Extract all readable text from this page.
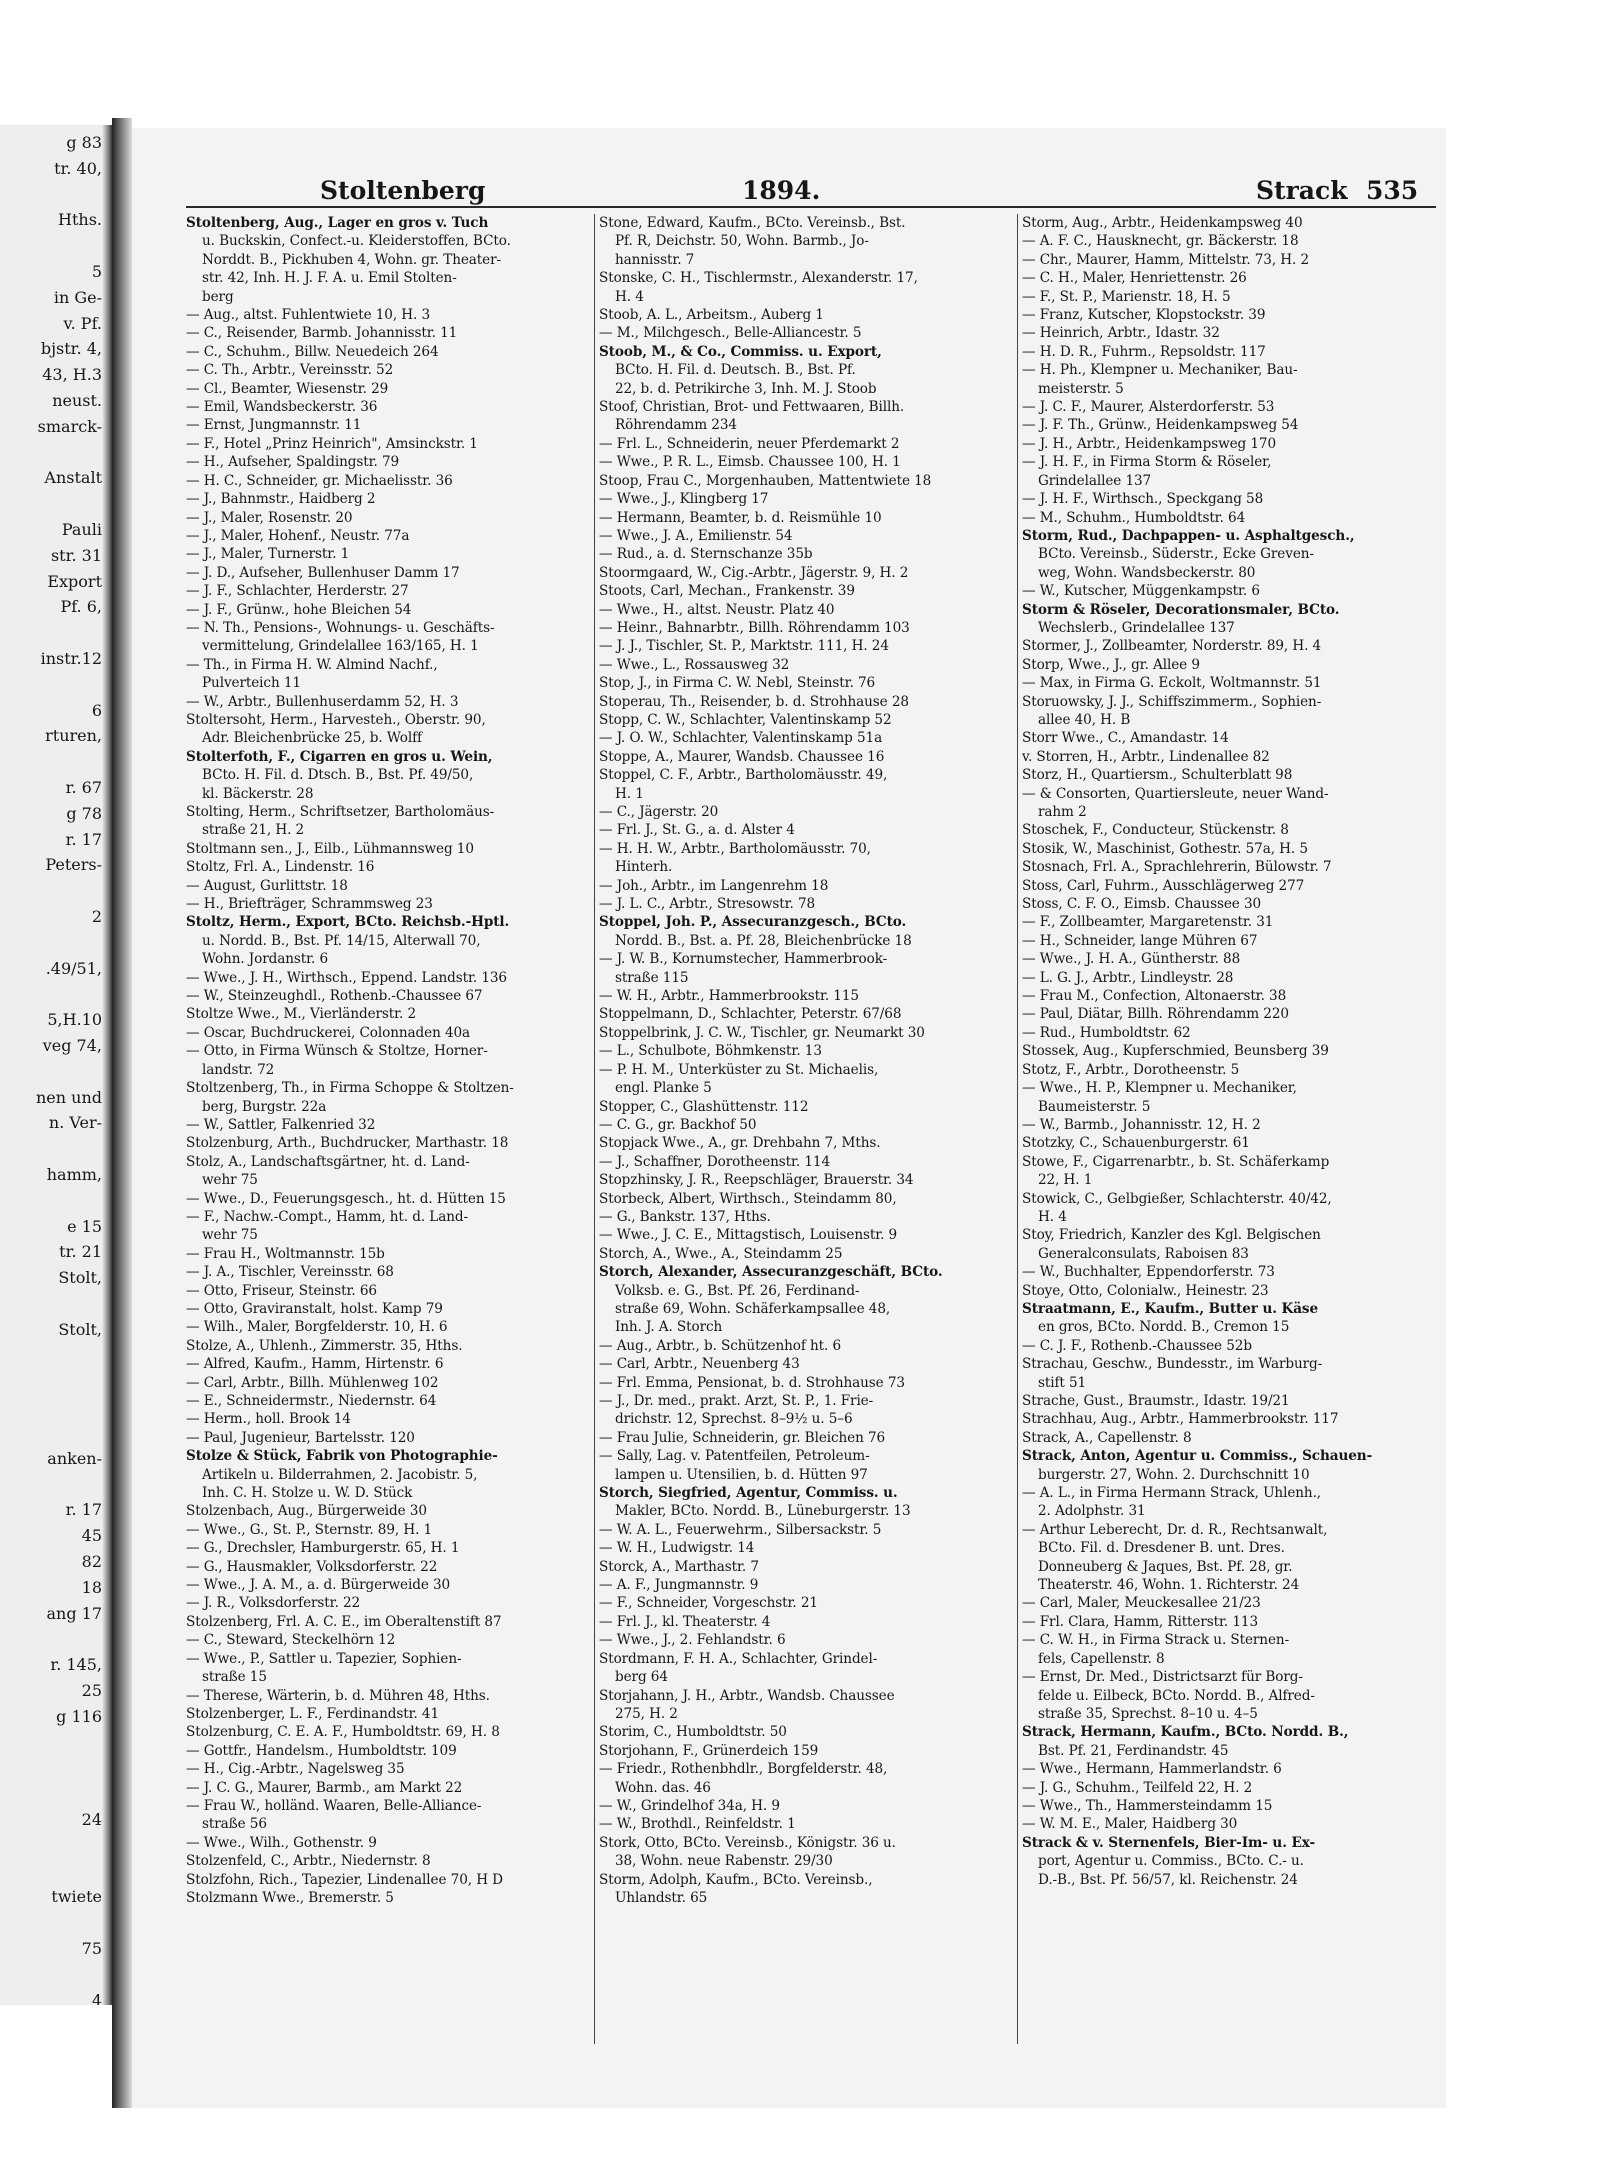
g 83
tr. 40,
Hths.
5
in Ge-
v. Pf.
bjstr. 4,
43, H.3
neust.
smarck-
Anstalt
Pauli
str. 31
Export
Pf. 6,
instr.12
6
rturen,
r. 67
g 78
r. 17
Peters-
2
.49/51,
5,H.10
veg 74,
nen und
n. Ver-
hamm,
e 15
tr. 21
Stolt,
Stolt,
anken-
r. 17
45
82
18
ang 17
r. 145,
25
g 116
24
twiete
75
4
Stoltenberg	1894.	Strack 535
Stoltenberg, Aug., Lager en gros v. Tuch
u. Buckskin, Confect.-u. Kleiderstoffen, BCto.
Norddt. B., Pickhuben 4, Wohn. gr. Theater-
str. 42, Inh. H. J. F. A. u. Emil Stolten-
berg
— Aug., altst. Fuhlentwiete 10, H. 3
— C., Reisender, Barmb. Johannisstr. 11
— C., Schuhm., Billw. Neuedeich 264
— C. Th., Arbtr., Vereinsstr. 52
— Cl., Beamter, Wiesenstr. 29
— Emil, Wandsbeckerstr. 36
— Ernst, Jungmannstr. 11
— F., Hotel „Prinz Heinrich", Amsinckstr. 1
— H., Aufseher, Spaldingstr. 79
— H. C., Schneider, gr. Michaelisstr. 36
— J., Bahnmstr., Haidberg 2
— J., Maler, Rosenstr. 20
— J., Maler, Hohenf., Neustr. 77a
— J., Maler, Turnerstr. 1
— J. D., Aufseher, Bullenhuser Damm 17
— J. F., Schlachter, Herderstr. 27
— J. F., Grünw., hohe Bleichen 54
— N. Th., Pensions-, Wohnungs- u. Geschäfts-
vermittelung, Grindelallee 163/165, H. 1
— Th., in Firma H. W. Almind Nachf.,
Pulverteich 11
— W., Arbtr., Bullenhuserdamm 52, H. 3
Stoltersoht, Herm., Harvesteh., Oberstr. 90,
Adr. Bleichenbrücke 25, b. Wolff
Stolterfoth, F., Cigarren en gros u. Wein,
BCto. H. Fil. d. Dtsch. B., Bst. Pf. 49/50,
kl. Bäckerstr. 28
Stolting, Herm., Schriftsetzer, Bartholomäus-
straße 21, H. 2
Stoltmann sen., J., Eilb., Lühmannsweg 10
Stoltz, Frl. A., Lindenstr. 16
— August, Gurlittstr. 18
— H., Briefträger, Schrammsweg 23
Stoltz, Herm., Export, BCto. Reichsb.-Hptl.
u. Nordd. B., Bst. Pf. 14/15, Alterwall 70,
Wohn. Jordanstr. 6
— Wwe., J. H., Wirthsch., Eppend. Landstr. 136
— W., Steinzeughdl., Rothenb.-Chaussee 67
Stoltze Wwe., M., Vierländerstr. 2
— Oscar, Buchdruckerei, Colonnaden 40a
— Otto, in Firma Wünsch & Stoltze, Horner-
landstr. 72
Stoltzenberg, Th., in Firma Schoppe & Stoltzen-
berg, Burgstr. 22a
— W., Sattler, Falkenried 32
Stolzenburg, Arth., Buchdrucker, Marthastr. 18
Stolz, A., Landschaftsgärtner, ht. d. Land-
wehr 75
— Wwe., D., Feuerungsgesch., ht. d. Hütten 15
— F., Nachw.-Compt., Hamm, ht. d. Land-
wehr 75
— Frau H., Woltmannstr. 15b
— J. A., Tischler, Vereinsstr. 68
— Otto, Friseur, Steinstr. 66
— Otto, Graviranstalt, holst. Kamp 79
— Wilh., Maler, Borgfelderstr. 10, H. 6
Stolze, A., Uhlenh., Zimmerstr. 35, Hths.
— Alfred, Kaufm., Hamm, Hirtenstr. 6
— Carl, Arbtr., Billh. Mühlenweg 102
— E., Schneidermstr., Niedernstr. 64
— Herm., holl. Brook 14
— Paul, Jugenieur, Bartelsstr. 120
Stolze & Stück, Fabrik von Photographie-
Artikeln u. Bilderrahmen, 2. Jacobistr. 5,
Inh. C. H. Stolze u. W. D. Stück
Stolzenbach, Aug., Bürgerweide 30
— Wwe., G., St. P., Sternstr. 89, H. 1
— G., Drechsler, Hamburgerstr. 65, H. 1
— G., Hausmakler, Volksdorferstr. 22
— Wwe., J. A. M., a. d. Bürgerweide 30
— J. R., Volksdorferstr. 22
Stolzenberg, Frl. A. C. E., im Oberaltenstift 87
— C., Steward, Steckelhörn 12
— Wwe., P., Sattler u. Tapezier, Sophien-
straße 15
— Therese, Wärterin, b. d. Mühren 48, Hths.
Stolzenberger, L. F., Ferdinandstr. 41
Stolzenburg, C. E. A. F., Humboldtstr. 69, H. 8
— Gottfr., Handelsm., Humboldtstr. 109
— H., Cig.-Arbtr., Nagelsweg 35
— J. C. G., Maurer, Barmb., am Markt 22
— Frau W., holländ. Waaren, Belle-Alliance-
straße 56
— Wwe., Wilh., Gothenstr. 9
Stolzenfeld, C., Arbtr., Niedernstr. 8
Stolzfohn, Rich., Tapezier, Lindenallee 70, H D
Stolzmann Wwe., Bremerstr. 5
Stone, Edward, Kaufm., BCto. Vereinsb., Bst.
Pf. R, Deichstr. 50, Wohn. Barmb., Jo-
hannisstr. 7
Stonske, C. H., Tischlermstr., Alexanderstr. 17,
H. 4
Stoob, A. L., Arbeitsm., Auberg 1
— M., Milchgesch., Belle-Alliancestr. 5
Stoob, M., & Co., Commiss. u. Export,
BCto. H. Fil. d. Deutsch. B., Bst. Pf.
22, b. d. Petrikirche 3, Inh. M. J. Stoob
Stoof, Christian, Brot- und Fettwaaren, Billh.
Röhrendamm 234
— Frl. L., Schneiderin, neuer Pferdemarkt 2
— Wwe., P. R. L., Eimsb. Chaussee 100, H. 1
Stoop, Frau C., Morgenhauben, Mattentwiete 18
— Wwe., J., Klingberg 17
— Hermann, Beamter, b. d. Reismühle 10
— Wwe., J. A., Emilienstr. 54
— Rud., a. d. Sternschanze 35b
Stoormgaard, W., Cig.-Arbtr., Jägerstr. 9, H. 2
Stoots, Carl, Mechan., Frankenstr. 39
— Wwe., H., altst. Neustr. Platz 40
— Heinr., Bahnarbtr., Billh. Röhrendamm 103
— J. J., Tischler, St. P., Marktstr. 111, H. 24
— Wwe., L., Rossausweg 32
Stop, J., in Firma C. W. Nebl, Steinstr. 76
Stoperau, Th., Reisender, b. d. Strohhause 28
Stopp, C. W., Schlachter, Valentinskamp 52
— J. O. W., Schlachter, Valentinskamp 51a
Stoppe, A., Maurer, Wandsb. Chaussee 16
Stoppel, C. F., Arbtr., Bartholomäusstr. 49,
H. 1
— C., Jägerstr. 20
— Frl. J., St. G., a. d. Alster 4
— H. H. W., Arbtr., Bartholomäusstr. 70,
Hinterh.
— Joh., Arbtr., im Langenrehm 18
— J. L. C., Arbtr., Stresowstr. 78
Stoppel, Joh. P., Assecuranzgesch., BCto.
Nordd. B., Bst. a. Pf. 28, Bleichenbrücke 18
— J. W. B., Kornumstecher, Hammerbrook-
straße 115
— W. H., Arbtr., Hammerbrookstr. 115
Stoppelmann, D., Schlachter, Peterstr. 67/68
Stoppelbrink, J. C. W., Tischler, gr. Neumarkt 30
— L., Schulbote, Böhmkenstr. 13
— P. H. M., Unterküster zu St. Michaelis,
engl. Planke 5
Stopper, C., Glashüttenstr. 112
— C. G., gr. Backhof 50
Stopjack Wwe., A., gr. Drehbahn 7, Mths.
— J., Schaffner, Dorotheenstr. 114
Stopzhinsky, J. R., Reepschläger, Brauerstr. 34
Storbeck, Albert, Wirthsch., Steindamm 80,
— G., Bankstr. 137, Hths.
— Wwe., J. C. E., Mittagstisch, Louisenstr. 9
Storch, A., Wwe., A., Steindamm 25
Storch, Alexander, Assecuranzgeschäft, BCto.
Volksb. e. G., Bst. Pf. 26, Ferdinand-
straße 69, Wohn. Schäferkampsallee 48,
Inh. J. A. Storch
— Aug., Arbtr., b. Schützenhof ht. 6
— Carl, Arbtr., Neuenberg 43
— Frl. Emma, Pensionat, b. d. Strohhause 73
— J., Dr. med., prakt. Arzt, St. P., 1. Frie-
drichstr. 12, Sprechst. 8–9½ u. 5–6
— Frau Julie, Schneiderin, gr. Bleichen 76
— Sally, Lag. v. Patentfeilen, Petroleum-
lampen u. Utensilien, b. d. Hütten 97
Storch, Siegfried, Agentur, Commiss. u.
Makler, BCto. Nordd. B., Lüneburgerstr. 13
— W. A. L., Feuerwehrm., Silbersackstr. 5
— W. H., Ludwigstr. 14
Storck, A., Marthastr. 7
— A. F., Jungmannstr. 9
— F., Schneider, Vorgeschstr. 21
— Frl. J., kl. Theaterstr. 4
— Wwe., J., 2. Fehlandstr. 6
Stordmann, F. H. A., Schlachter, Grindel-
berg 64
Storjahann, J. H., Arbtr., Wandsb. Chaussee
275, H. 2
Storim, C., Humboldtstr. 50
Storjohann, F., Grünerdeich 159
— Friedr., Rothenbhdlr., Borgfelderstr. 48,
Wohn. das. 46
— W., Grindelhof 34a, H. 9
— W., Brothdl., Reinfeldstr. 1
Stork, Otto, BCto. Vereinsb., Königstr. 36 u.
38, Wohn. neue Rabenstr. 29/30
Storm, Adolph, Kaufm., BCto. Vereinsb.,
Uhlandstr. 65
Storm, Aug., Arbtr., Heidenkampsweg 40
— A. F. C., Hausknecht, gr. Bäckerstr. 18
— Chr., Maurer, Hamm, Mittelstr. 73, H. 2
— C. H., Maler, Henriettenstr. 26
— F., St. P., Marienstr. 18, H. 5
— Franz, Kutscher, Klopstockstr. 39
— Heinrich, Arbtr., Idastr. 32
— H. D. R., Fuhrm., Repsoldstr. 117
— H. Ph., Klempner u. Mechaniker, Bau-
meisterstr. 5
— J. C. F., Maurer, Alsterdorferstr. 53
— J. F. Th., Grünw., Heidenkampsweg 54
— J. H., Arbtr., Heidenkampsweg 170
— J. H. F., in Firma Storm & Röseler,
Grindelallee 137
— J. H. F., Wirthsch., Speckgang 58
— M., Schuhm., Humboldtstr. 64
Storm, Rud., Dachpappen- u. Asphaltgesch.,
BCto. Vereinsb., Süderstr., Ecke Greven-
weg, Wohn. Wandsbeckerstr. 80
— W., Kutscher, Müggenkampstr. 6
Storm & Röseler, Decorationsmaler, BCto.
Wechslerb., Grindelallee 137
Stormer, J., Zollbeamter, Norderstr. 89, H. 4
Storp, Wwe., J., gr. Allee 9
— Max, in Firma G. Eckolt, Woltmannstr. 51
Storuowsky, J. J., Schiffszimmerm., Sophien-
allee 40, H. B
Storr Wwe., C., Amandastr. 14
v. Storren, H., Arbtr., Lindenallee 82
Storz, H., Quartiersm., Schulterblatt 98
— & Consorten, Quartiersleute, neuer Wand-
rahm 2
Stoschek, F., Conducteur, Stückenstr. 8
Stosik, W., Maschinist, Gothestr. 57a, H. 5
Stosnach, Frl. A., Sprachlehrerin, Bülowstr. 7
Stoss, Carl, Fuhrm., Ausschlägerweg 277
Stoss, C. F. O., Eimsb. Chaussee 30
— F., Zollbeamter, Margaretenstr. 31
— H., Schneider, lange Mühren 67
— Wwe., J. H. A., Güntherstr. 88
— L. G. J., Arbtr., Lindleystr. 28
— Frau M., Confection, Altonaerstr. 38
— Paul, Diätar, Billh. Röhrendamm 220
— Rud., Humboldtstr. 62
Stossek, Aug., Kupferschmied, Beunsberg 39
Stotz, F., Arbtr., Dorotheenstr. 5
— Wwe., H. P., Klempner u. Mechaniker,
Baumeisterstr. 5
— W., Barmb., Johannisstr. 12, H. 2
Stotzky, C., Schauenburgerstr. 61
Stowe, F., Cigarrenarbtr., b. St. Schäferkamp
22, H. 1
Stowick, C., Gelbgießer, Schlachterstr. 40/42,
H. 4
Stoy, Friedrich, Kanzler des Kgl. Belgischen
Generalconsulats, Raboisen 83
— W., Buchhalter, Eppendorferstr. 73
Stoye, Otto, Colonialw., Heinestr. 23
Straatmann, E., Kaufm., Butter u. Käse
en gros, BCto. Nordd. B., Cremon 15
— C. J. F., Rothenb.-Chaussee 52b
Strachau, Geschw., Bundesstr., im Warburg-
stift 51
Strache, Gust., Braumstr., Idastr. 19/21
Strachhau, Aug., Arbtr., Hammerbrookstr. 117
Strack, A., Capellenstr. 8
Strack, Anton, Agentur u. Commiss., Schauen-
burgerstr. 27, Wohn. 2. Durchschnitt 10
— A. L., in Firma Hermann Strack, Uhlenh.,
2. Adolphstr. 31
— Arthur Leberecht, Dr. d. R., Rechtsanwalt,
BCto. Fil. d. Dresdener B. unt. Dres.
Donneuberg & Jaques, Bst. Pf. 28, gr.
Theaterstr. 46, Wohn. 1. Richterstr. 24
— Carl, Maler, Meuckesallee 21/23
— Frl. Clara, Hamm, Ritterstr. 113
— C. W. H., in Firma Strack u. Sternen-
fels, Capellenstr. 8
— Ernst, Dr. Med., Districtsarzt für Borg-
felde u. Eilbeck, BCto. Nordd. B., Alfred-
straße 35, Sprechst. 8–10 u. 4–5
Strack, Hermann, Kaufm., BCto. Nordd. B.,
Bst. Pf. 21, Ferdinandstr. 45
— Wwe., Hermann, Hammerlandstr. 6
— J. G., Schuhm., Teilfeld 22, H. 2
— Wwe., Th., Hammersteindamm 15
— W. M. E., Maler, Haidberg 30
Strack & v. Sternenfels, Bier-Im- u. Ex-
port, Agentur u. Commiss., BCto. C.- u.
D.-B., Bst. Pf. 56/57, kl. Reichenstr. 24
